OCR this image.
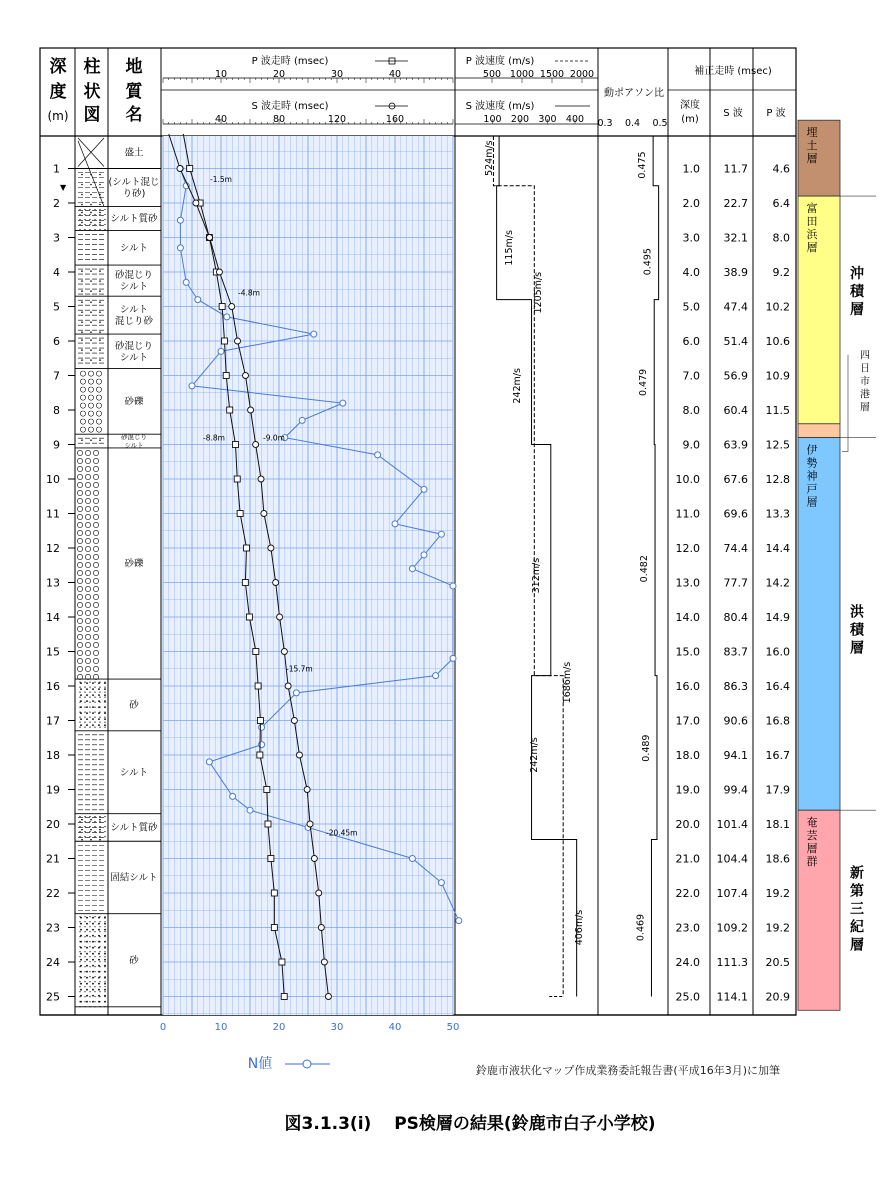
深
度
(m)
柱
状
図
地
質
名
P 波走時 (msec)
S 波走時 (msec)
P 波速度 (m/s)
S 波速度 (m/s)
動ポアソン比
補正走時 (msec)
深度
(m)
S 波 P 波
N値	鈴鹿市液状化マップ作成業務委託報告書(平成16年3月)に加筆
図3.1.3(i)　 PS検層の結果(鈴鹿市白子小学校)
1
2
3
4
5
6
7
8
9
10
11
12
13
14
15
16
17
18
19
20
21
22
23
24
25
盛土
(シルト混じ
り砂)
シルト質砂
シルト
砂混じり
シルト
シルト
混じり砂
砂混じり
シルト
砂礫
砂混じり
シルト
砂礫
砂
シルト
シルト質砂
固結シルト
砂
▼
10	20	30	40
40	80	120	160
500 1000 1500 2000
100 200 300 400 0.3 0.4 0.5
524m/s
1205m/s
1686m/s
115m/s
242m/s
312m/s
242m/s
406m/s
0.475
0.495
0.479
0.482
0.489
0.469
1.0 11.7 4.6
2.0 22.7 6.4
3.0 32.1 8.0
4.0 38.9 9.2
5.0 47.4 10.2
6.0 51.4 10.6
7.0 56.9 10.9
8.0 60.4 11.5
9.0 63.9 12.5
10.0 67.6 12.8
11.0 69.6 13.3
12.0 74.4 14.4
13.0 77.7 14.2
14.0 80.4 14.9
15.0 83.7 16.0
16.0 86.3 16.4
17.0 90.6 16.8
18.0 94.1 16.7
19.0 99.4 17.9
20.0 101.4 18.1
21.0 104.4 18.6
22.0 107.4 19.2
23.0 109.2 19.2
24.0 111.3 20.5
25.0 114.1 20.9
-1.5m
-4.8m
-8.8m	-9.0m
-15.7m
-20.45m
0	10	20	30	40	50
埋
土
層
富
田
浜
層
伊
勢
神
戸
層
奄
芸
層
群
沖
積
層
洪
積
層
新
第
三
紀
層
四
日
市
港
層
